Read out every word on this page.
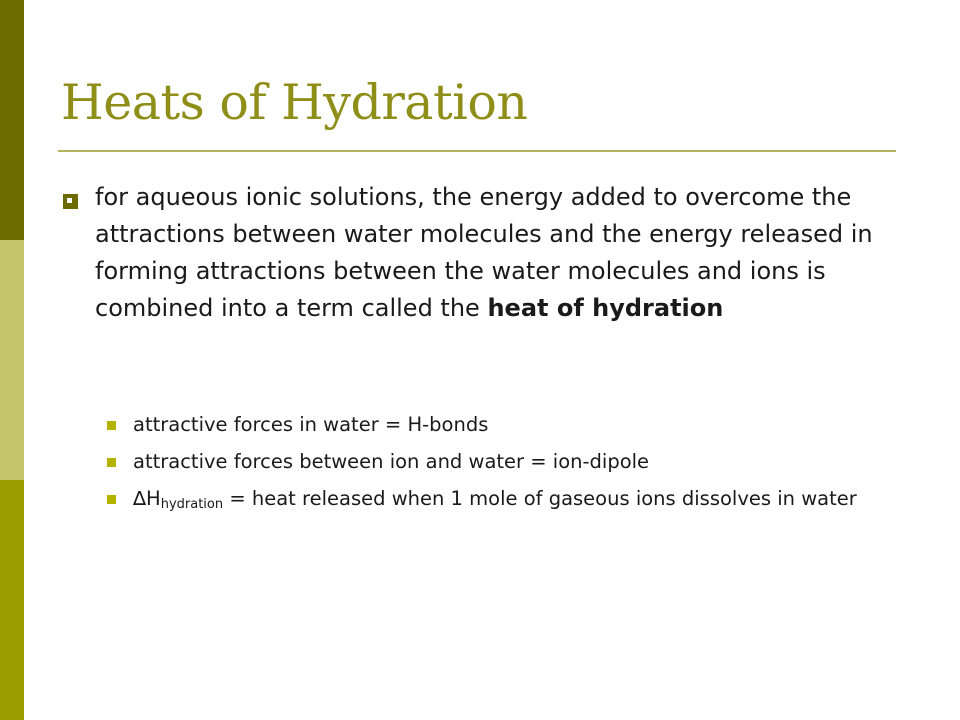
Heats of Hydration

for aqueous ionic solutions, the energy added to overcome the attractions between water molecules and the energy released in forming attractions between the water molecules and ions is combined into a term called the heat of hydration

attractive forces in water = H-bonds
attractive forces between ion and water = ion-dipole
$\Delta H_{hydration}$ = heat released when 1 mole of gaseous ions dissolves in water
